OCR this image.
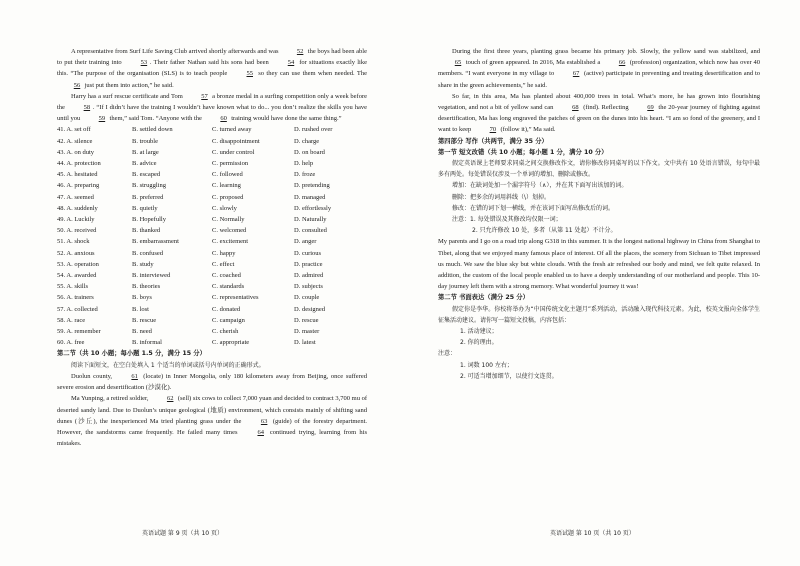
A representative from Surf Life Saving Club arrived shortly afterwards and was	52 the boys had been able to put their training into	53 . Their father Nathan said his sons had been	54 for situations exactly like this. “The purpose of the organisation (SLS) is to teach people	55 so they can use them when needed. The 56 just put them into action,” he said.

Harry has a surf rescue certificate and Tom	57 a bronze medal in a surfing competition only a week before the	58 . “If I didn’t have the training I wouldn’t have known what to do... you don’t realize the skills you have until you	59 them,” said Tom. “Anyone with the	60 training would have done the same thing.”

41. A. set off	B. settled down	C. turned away	D. rushed over
42. A. silence	B. trouble	C. disappointment	D. charge
43. A. on duty	B. at large	C. under control	D. on board
44. A. protection	B. advice	C. permission	D. help
45. A. hesitated	B. escaped	C. followed	D. froze
46. A. preparing	B. struggling	C. learning	D. pretending
47. A. seemed	B. preferred	C. proposed	D. managed
48. A. suddenly	B. quietly	C. slowly	D. effortlessly
49. A. Luckily	B. Hopefully	C. Normally	D. Naturally
50. A. received	B. thanked	C. welcomed	D. consulted
51. A. shock	B. embarrassment	C. excitement	D. anger
52. A. anxious	B. confused	C. happy	D. curious
53. A. operation	B. study	C. effect	D. practice
54. A. awarded	B. interviewed	C. coached	D. admired
55. A. skills	B. theories	C. standards	D. subjects
56. A. trainers	B. boys	C. representatives	D. couple
57. A. collected	B. lost	C. donated	D. designed
58. A. race	B. rescue	C. campaign	D. rescue
59. A. remember	B. need	C. cherish	D. master
60. A. free	B. informal	C. appropriate	D. latest
第二节（共 10 小题；每小题 1.5 分，满分 15 分）

阅读下面短文，在空白处填入 1 个适当的单词或括号内单词的正确形式。

Duolun county,	61 (locate) in Inner Mongolia, only 180 kilometers away from Beijing, once suffered severe erosion and desertification (沙漠化).

Ma Yunping, a retired soldier,	62 (sell) six cows to collect 7,000 yuan and decided to contract 3,700 mu of deserted sandy land. Due to Duolun’s unique geological (地质) environment, which consists mainly of shifting sand dunes (沙丘), the inexperienced Ma tried planting grass under the	63 (guide) of the forestry department. However, the sandstorms came frequently. He failed many times	64 continued trying, learning from his mistakes.

英语试题 第 9 页（共 10 页）

During the first three years, planting grass became his primary job. Slowly, the yellow sand was stabilized, and 65 touch of green appeared. In 2016, Ma established a	66 (profession) organization, which now has over 40 members. “I want everyone in my village to	67 (active) participate in preventing and treating desertification and to share in the green achievements,” he said.

So far, in this area, Ma has planted about 400,000 trees in total. What’s more, he has grown into flourishing vegetation, and not a bit of yellow sand can	68 (find). Reflecting	69 the 20-year journey of fighting against desertification, Ma has long engraved the patches of green on the dunes into his heart. “I am so fond of the greenery, and I want to keep	70 (follow it),” Ma said.

第四部分 写作（共两节，满分 35 分）
第一节 短文改错（共 10 小题；每小题 1 分，满分 10 分）

假定英语课上老师要求同桌之间交换修改作文，请你修改你同桌写的以下作文。文中共有 10 处语言错误，每句中最多有两处。每处错误仅涉及一个单词的增加、删除或修改。

增加：在缺词处加一个漏字符号（∧），并在其下面写出该加的词。

删除：把多余的词用斜线（\）划掉。

修改：在错的词下划一横线，并在该词下面写出修改后的词。

注意：1. 每处错误及其修改均仅限一词；

2. 只允许修改 10 处，多者（从第 11 处起）不计分。

My parents and I go on a road trip along G318 in this summer. It is the longest national highway in China from Shanghai to Tibet, along that we enjoyed many famous place of interest. Of all the places, the scenery from Sichuan to Tibet impressed us much. We saw the blue sky but white clouds. With the fresh air refreshed our body and mind, we felt quite relaxed. In addition, the custom of the local people enabled us to have a deeply understanding of our motherland and people. This 10-day journey left them with a strong memory. What wonderful journey it was!

第二节 书面表达（满分 25 分）

假定你是李华。你校将举办为“中国传统文化主题月”系列活动，活动融入现代科技元素。为此，校英文报向全体学生征集活动建议。请你写一篇短文投稿，内容包括：

1. 活动建议；

2. 你的理由。

注意：

1. 词数 100 左右；

2. 可适当增加细节，以使行文连贯。

英语试题 第 10 页（共 10 页）
